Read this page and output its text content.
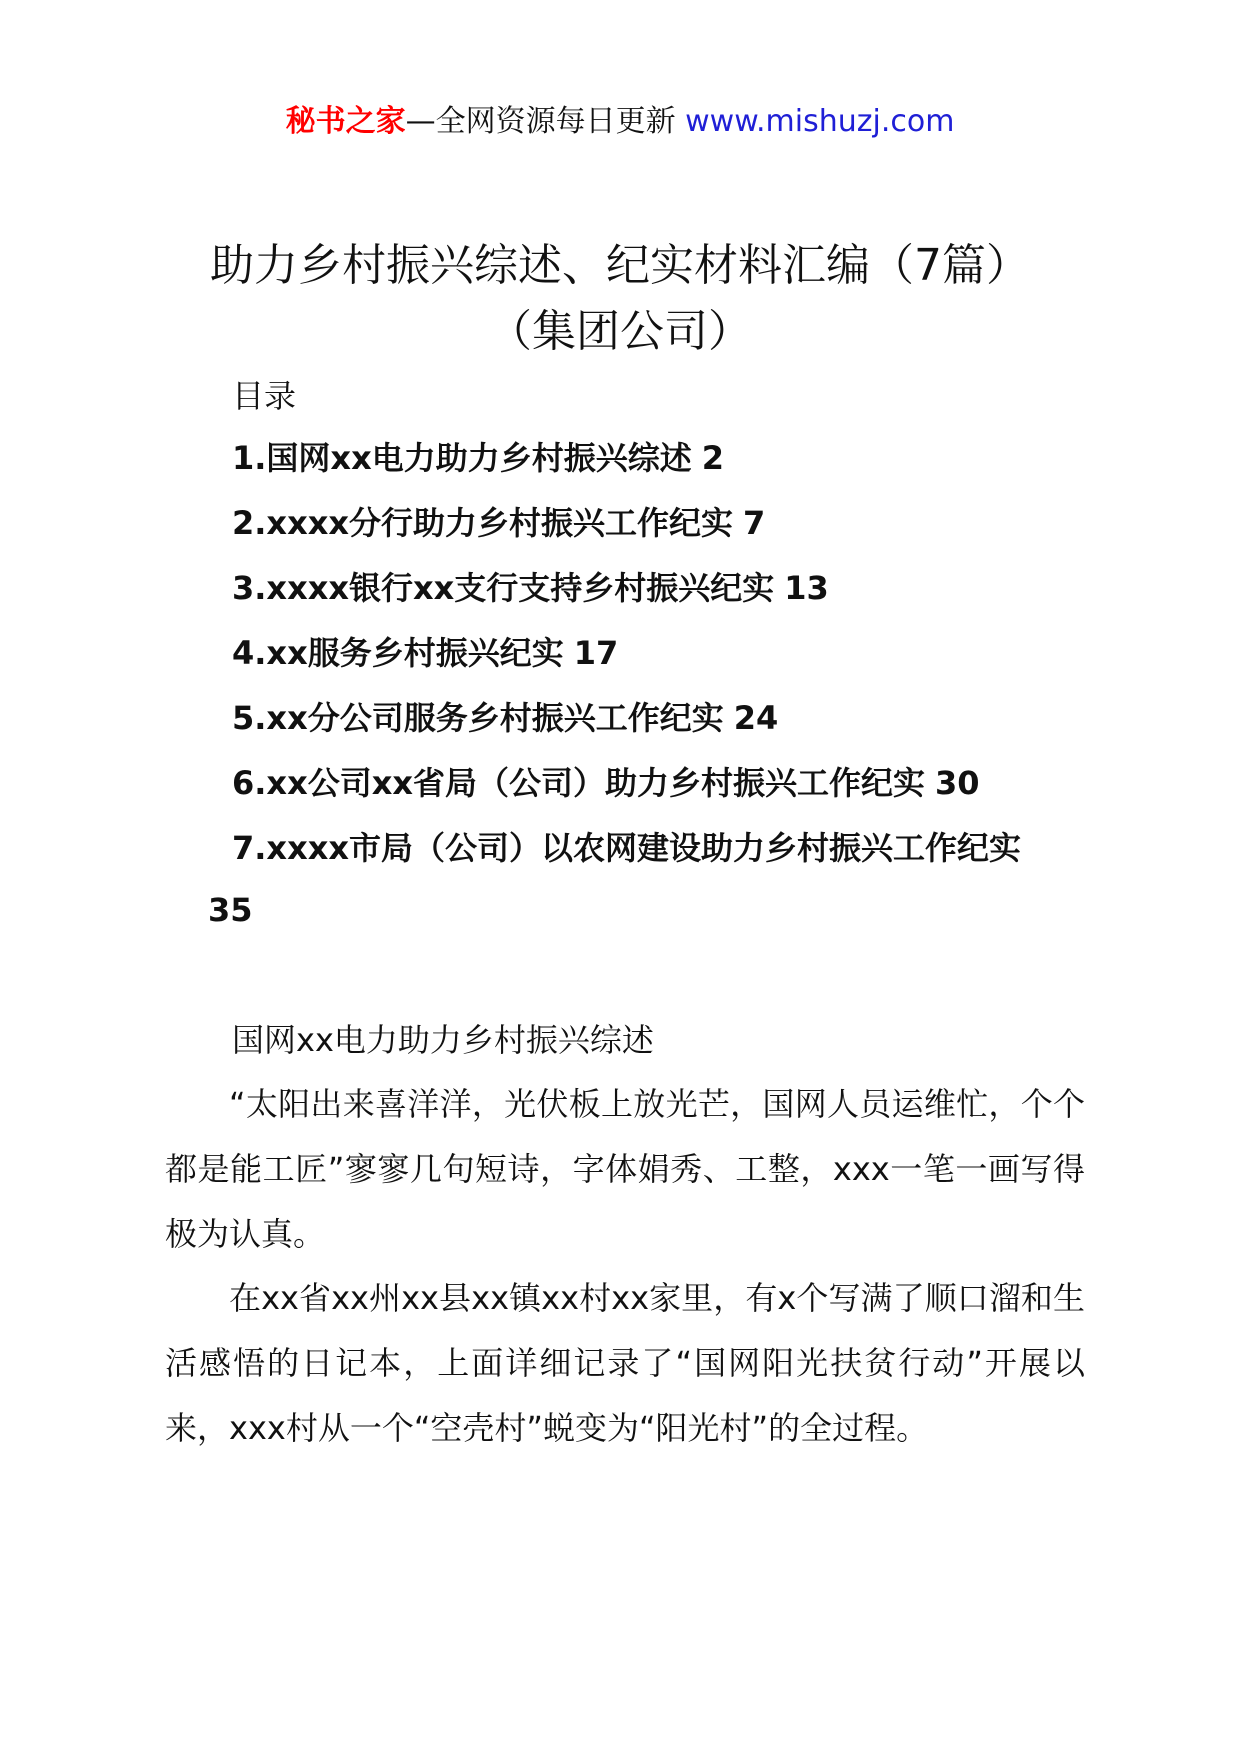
秘书之家—全网资源每日更新 www.mishuzj.com
助力乡村振兴综述、纪实材料汇编（7篇）
（集团公司）
目录
1.国网xx电力助力乡村振兴综述 2
2.xxxx分行助力乡村振兴工作纪实 7
3.xxxx银行xx支行支持乡村振兴纪实 13
4.xx服务乡村振兴纪实 17
5.xx分公司服务乡村振兴工作纪实 24
6.xx公司xx省局（公司）助力乡村振兴工作纪实 30
7.xxxx市局（公司）以农网建设助力乡村振兴工作纪实
35
国网xx电力助力乡村振兴综述

“太阳出来喜洋洋，光伏板上放光芒，国网人员运维忙，个个都是能工匠”寥寥几句短诗，字体娟秀、工整，xxx一笔一画写得极为认真。

在xx省xx州xx县xx镇xx村xx家里，有x个写满了顺口溜和生活感悟的日记本，上面详细记录了“国网阳光扶贫行动”开展以来，xxx村从一个“空壳村”蜕变为“阳光村”的全过程。
